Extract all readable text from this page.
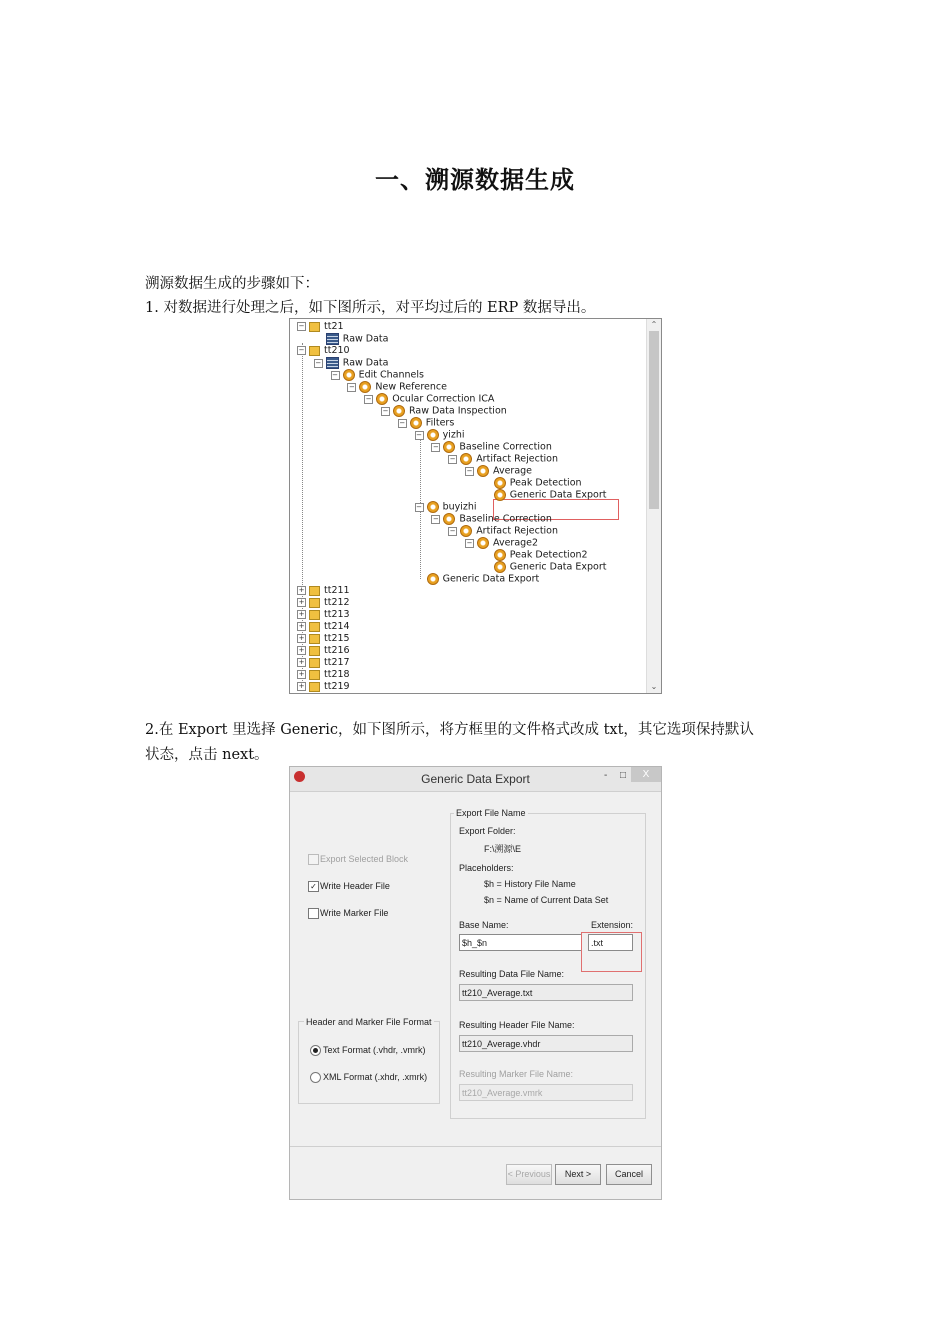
一、溯源数据生成
溯源数据生成的步骤如下：
1. 对数据进行处理之后，如下图所示，对平均过后的 ERP 数据导出。
⌃
⌄
− tt21
Raw Data
− tt210
− Raw Data
− Edit Channels
− New Reference
− Ocular Correction ICA
− Raw Data Inspection
− Filters
− yizhi
− Baseline Correction
− Artifact Rejection
− Average
Peak Detection
Generic Data Export
− buyizhi
− Baseline Correction
− Artifact Rejection
− Average2
Peak Detection2
Generic Data Export
Generic Data Export
+ tt211
+ tt212
+ tt213
+ tt214
+ tt215
+ tt216
+ tt217
+ tt218
+ tt219
2.在 Export 里选择 Generic，如下图所示，将方框里的文件格式改成 txt，其它选项保持默认
状态，点击 next。
Generic Data Export	- □	X
Export Selected Block
✓ Write Header File
Write Marker File
Header and Marker File Format
Text Format (.vhdr, .vmrk)
XML Format (.xhdr, .xmrk)
Export File Name
Export Folder:
F:\溯源\E
Placeholders:
$h = History File Name
$n = Name of Current Data Set
Base Name:
$h_$n
Extension:
.txt
Resulting Data File Name:
tt210_Average.txt
Resulting Header File Name:
tt210_Average.vhdr
Resulting Marker File Name:
tt210_Average.vmrk
< Previous	Next >	Cancel
